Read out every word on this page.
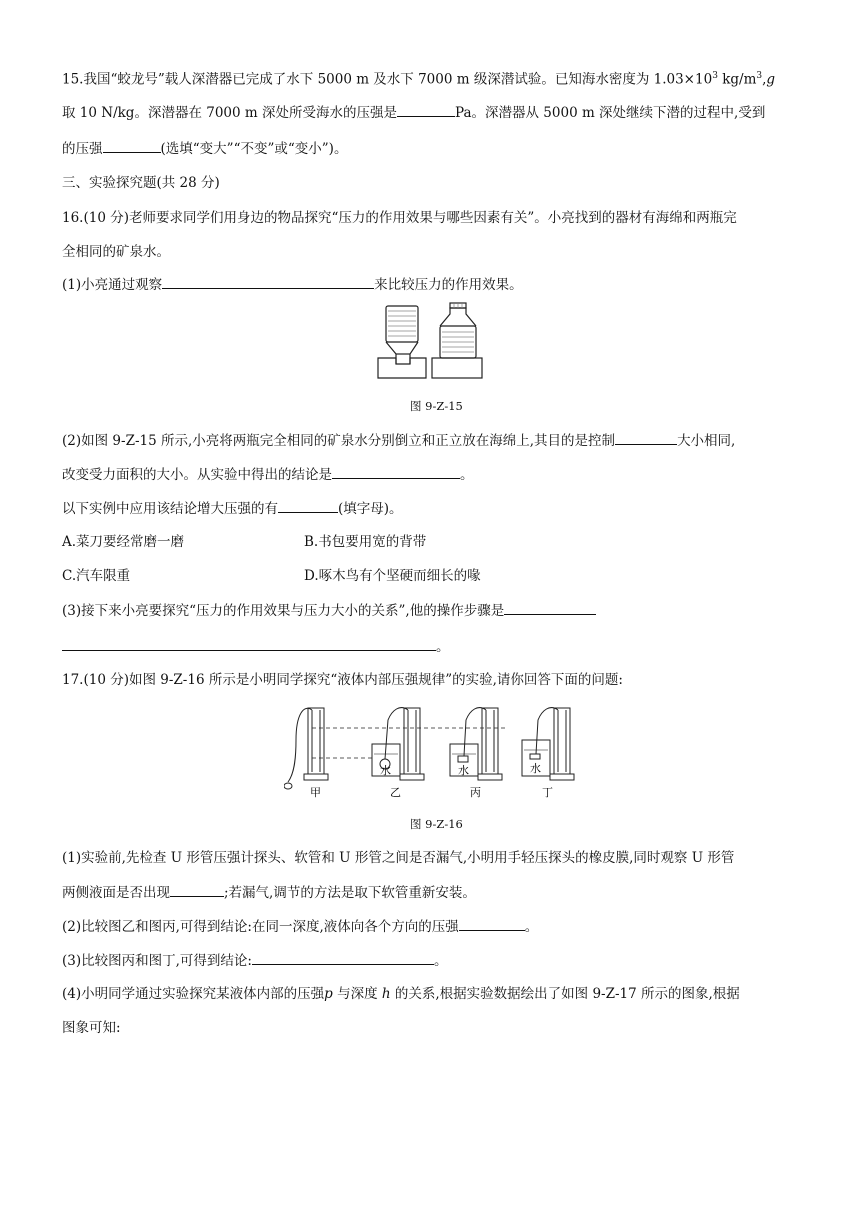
15.我国“蛟龙号”载人深潜器已完成了水下 5000 m 及水下 7000 m 级深潜试验。已知海水密度为 $1.03\times 10^3$ $kg/m^3,g$
取 10 N/kg。深潜器在 7000 m 深处所受海水的压强是	Pa。深潜器从 5000 m 深处继续下潜的过程中,受到
的压强	(选填“变大”“不变”或“变小”)。
三、实验探究题(共 28 分)
16.(10 分)老师要求同学们用身边的物品探究“压力的作用效果与哪些因素有关”。小亮找到的器材有海绵和两瓶完
全相同的矿泉水。
(1)小亮通过观察	来比较压力的作用效果。
图 9-Z-15
(2)如图 9-Z-15 所示,小亮将两瓶完全相同的矿泉水分别倒立和正立放在海绵上,其目的是控制	大小相同,
改变受力面积的大小。从实验中得出的结论是	。
以下实例中应用该结论增大压强的有	(填字母)。
A.菜刀要经常磨一磨	B.书包要用宽的背带
C.汽车限重	D.啄木鸟有个坚硬而细长的喙
(3)接下来小亮要探究“压力的作用效果与压力大小的关系”,他的操作步骤是
。
17.(10 分)如图 9-Z-16 所示是小明同学探究“液体内部压强规律”的实验,请你回答下面的问题:
水	水	水
甲	乙	丙	丁
图 9-Z-16
(1)实验前,先检查 U 形管压强计探头、软管和 U 形管之间是否漏气,小明用手轻压探头的橡皮膜,同时观察 U 形管
两侧液面是否出现	;若漏气,调节的方法是取下软管重新安装。
(2)比较图乙和图丙,可得到结论:在同一深度,液体向各个方向的压强	。
(3)比较图丙和图丁,可得到结论:	。
(4)小明同学通过实验探究某液体内部的压强p 与深度 h 的关系,根据实验数据绘出了如图 9-Z-17 所示的图象,根据
图象可知:
